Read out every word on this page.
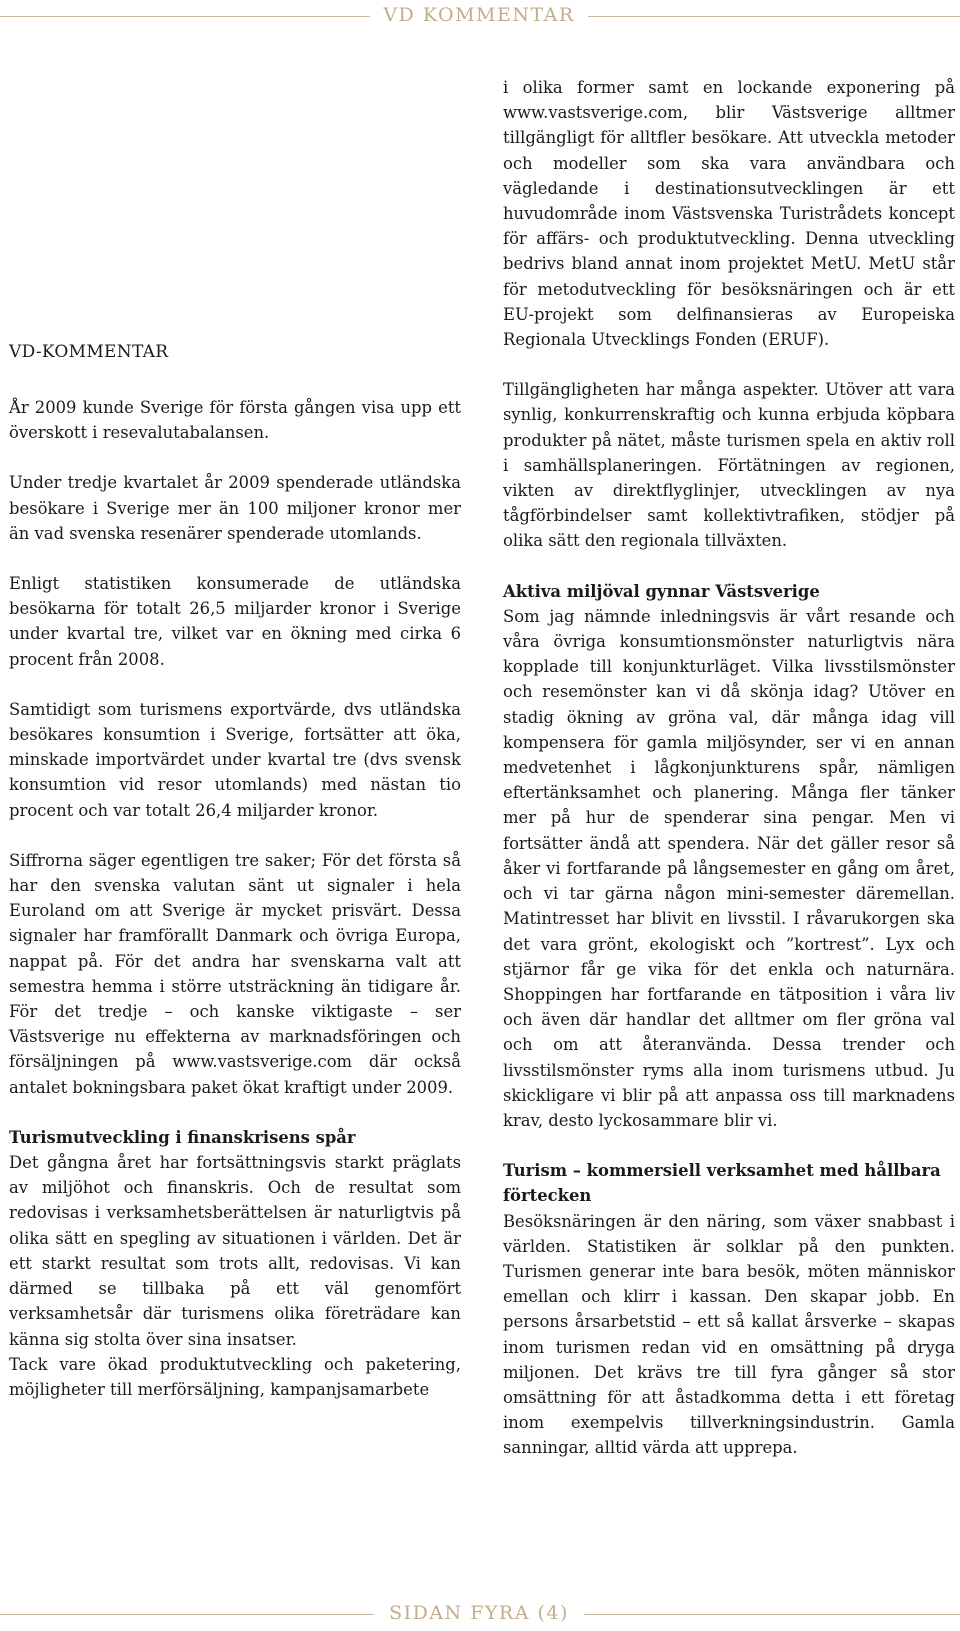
VD KOMMENTAR
VD-KOMMENTAR

År 2009 kunde Sverige för första gången visa upp ett överskott i resevalutabalansen.

Under tredje kvartalet år 2009 spenderade utländska besökare i Sverige mer än 100 miljoner kronor mer än vad svenska resenärer spenderade utomlands.

Enligt statistiken konsumerade de utländska besökarna för totalt 26,5 miljarder kronor i Sverige under kvartal tre, vilket var en ökning med cirka 6 procent från 2008.

Samtidigt som turismens exportvärde, dvs utländska besökares konsumtion i Sverige, fortsätter att öka, minskade importvärdet under kvartal tre (dvs svensk konsumtion vid resor utomlands) med nästan tio procent och var totalt 26,4 miljarder kronor.

Siffrorna säger egentligen tre saker; För det första så har den svenska valutan sänt ut signaler i hela Euroland om att Sverige är mycket prisvärt. Dessa signaler har framförallt Danmark och övriga Europa, nappat på. För det andra har svenskarna valt att semestra hemma i större utsträckning än tidigare år. För det tredje – och kanske viktigaste – ser Västsverige nu effekterna av marknadsföringen och försäljningen på www.vastsverige.com där också antalet bokningsbara paket ökat kraftigt under 2009.

Turismutveckling i finanskrisens spår

Det gångna året har fortsättningsvis starkt präglats av miljöhot och finanskris. Och de resultat som redovisas i verksamhetsberättelsen är naturligtvis på olika sätt en spegling av situationen i världen. Det är ett starkt resultat som trots allt, redovisas. Vi kan därmed se tillbaka på ett väl genomfört verksamhetsår där turismens olika företrädare kan känna sig stolta över sina insatser.

Tack vare ökad produktutveckling och paketering, möjligheter till merförsäljning, kampanjsamarbete

i olika former samt en lockande exponering på www.vastsverige.com, blir Västsverige alltmer tillgängligt för alltfler besökare. Att utveckla metoder och modeller som ska vara användbara och vägledande i destinationsutvecklingen är ett huvudområde inom Västsvenska Turistrådets koncept för affärs- och produktutveckling. Denna utveckling bedrivs bland annat inom projektet MetU. MetU står för metodutveckling för besöksnäringen och är ett EU-projekt som delfinansieras av Europeiska Regionala Utvecklings Fonden (ERUF).

Tillgängligheten har många aspekter. Utöver att vara synlig, konkurrenskraftig och kunna erbjuda köpbara produkter på nätet, måste turismen spela en aktiv roll i samhällsplaneringen. Förtätningen av regionen, vikten av direktflyglinjer, utvecklingen av nya tågförbindelser samt kollektivtrafiken, stödjer på olika sätt den regionala tillväxten.

Aktiva miljöval gynnar Västsverige

Som jag nämnde inledningsvis är vårt resande och våra övriga konsumtionsmönster naturligtvis nära kopplade till konjunkturläget. Vilka livsstilsmönster och resemönster kan vi då skönja idag? Utöver en stadig ökning av gröna val, där många idag vill kompensera för gamla miljösynder, ser vi en annan medvetenhet i lågkonjunkturens spår, nämligen eftertänksamhet och planering. Många fler tänker mer på hur de spenderar sina pengar. Men vi fortsätter ändå att spendera. När det gäller resor så åker vi fortfarande på långsemester en gång om året, och vi tar gärna någon mini-semester däremellan. Matintresset har blivit en livsstil. I råvarukorgen ska det vara grönt, ekologiskt och ”kortrest”. Lyx och stjärnor får ge vika för det enkla och naturnära. Shoppingen har fortfarande en tätposition i våra liv och även där handlar det alltmer om fler gröna val och om att återanvända. Dessa trender och livsstilsmönster ryms alla inom turismens utbud. Ju skickligare vi blir på att anpassa oss till marknadens krav, desto lyckosammare blir vi.

Turism – kommersiell verksamhet med hållbara förtecken

Besöksnäringen är den näring, som växer snabbast i världen. Statistiken är solklar på den punkten. Turismen generar inte bara besök, möten människor emellan och klirr i kassan. Den skapar jobb. En persons årsarbetstid – ett så kallat årsverke – skapas inom turismen redan vid en omsättning på dryga miljonen. Det krävs tre till fyra gånger så stor omsättning för att åstadkomma detta i ett företag inom exempelvis tillverkningsindustrin. Gamla sanningar, alltid värda att upprepa.

SIDAN FYRA (4)
